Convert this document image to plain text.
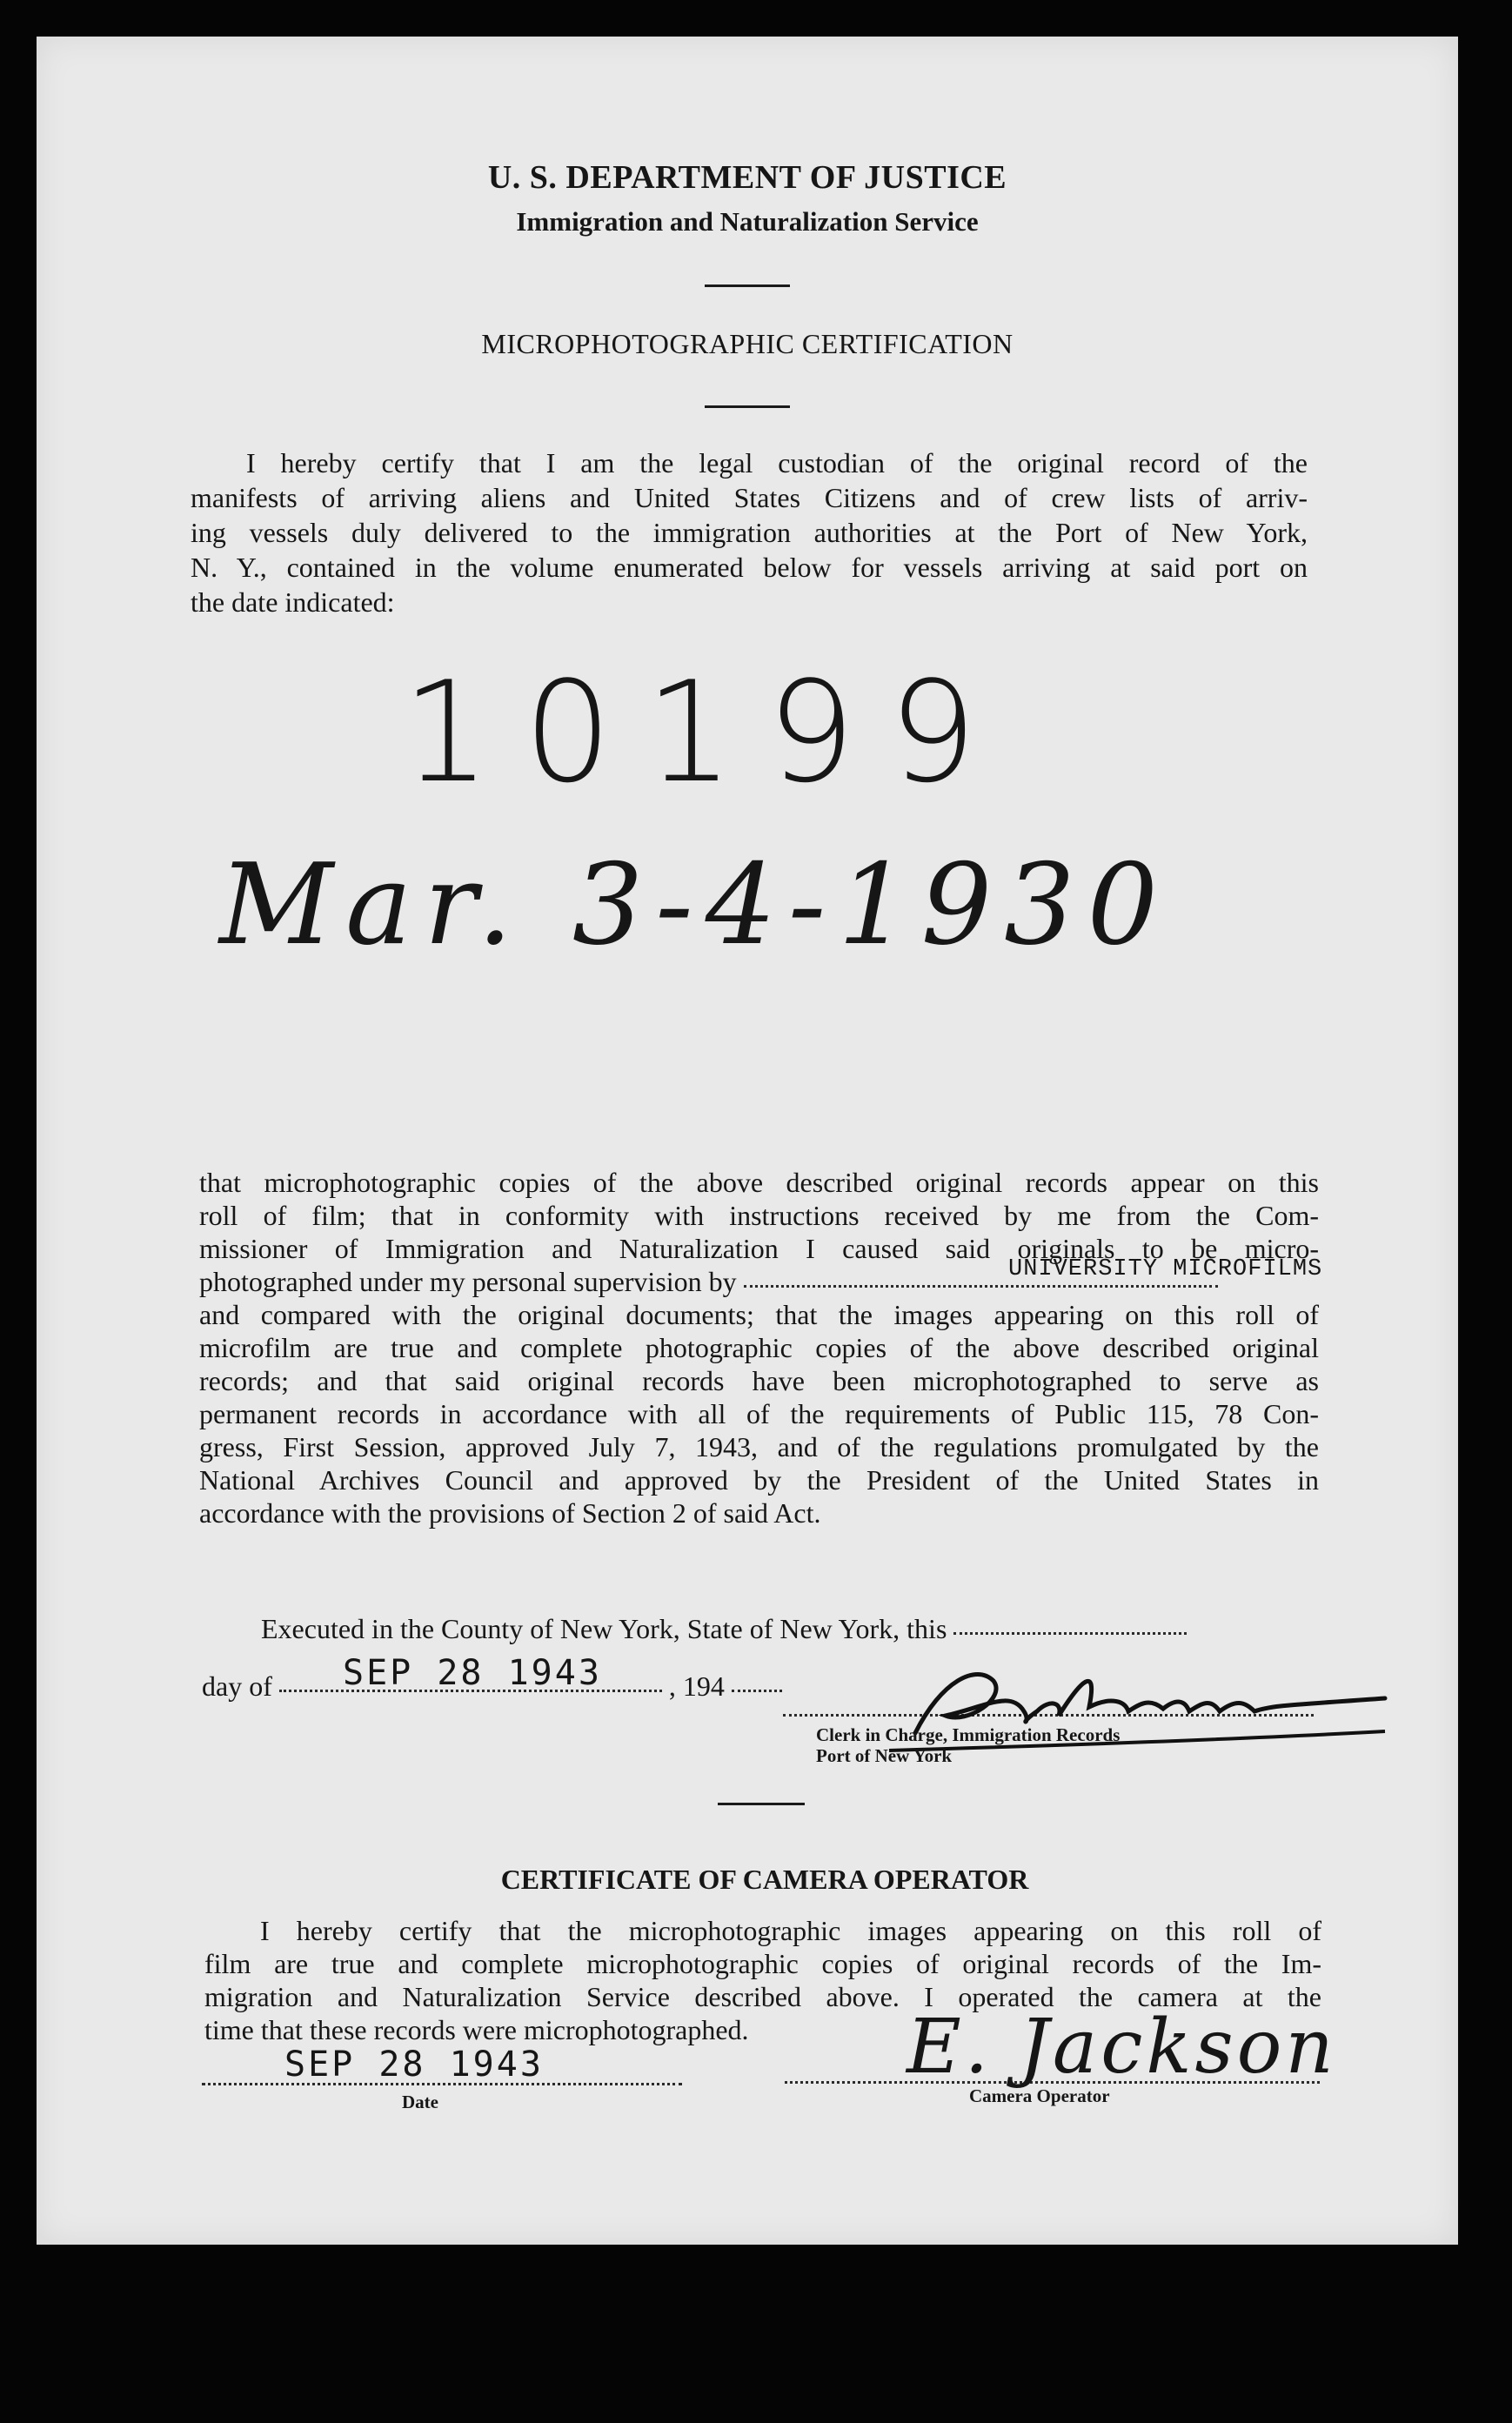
U. S. DEPARTMENT OF JUSTICE
Immigration and Naturalization Service
MICROPHOTOGRAPHIC CERTIFICATION
I hereby certify that I am the legal custodian of the original record of the
manifests of arriving aliens and United States Citizens and of crew lists of arriv-
ing vessels duly delivered to the immigration authorities at the Port of New York,
N. Y., contained in the volume enumerated below for vessels arriving at said port on
the date indicated:
10199
Mar. 3-4-1930
that microphotographic copies of the above described original records appear on this
roll of film; that in conformity with instructions received by me from the Com-
missioner of Immigration and Naturalization I caused said originals to be micro-
photographed under my personal supervision by	UNIVERSITY MICROFILMS
and compared with the original documents; that the images appearing on this roll of
microfilm are true and complete photographic copies of the above described original
records; and that said original records have been microphotographed to serve as
permanent records in accordance with all of the requirements of Public 115, 78 Con-
gress, First Session, approved July 7, 1943, and of the regulations promulgated by the
National Archives Council and approved by the President of the United States in
accordance with the provisions of Section 2 of said Act.
Executed in the County of New York, State of New York, this
day of	, 194
SEP 28 1943
Clerk in Charge, Immigration Records
Port of New York
CERTIFICATE OF CAMERA OPERATOR
I hereby certify that the microphotographic images appearing on this roll of
film are true and complete microphotographic copies of original records of the Im-
migration and Naturalization Service described above. I operated the camera at the
time that these records were microphotographed.
SEP 28 1943
Date
E. Jackson
Camera Operator
